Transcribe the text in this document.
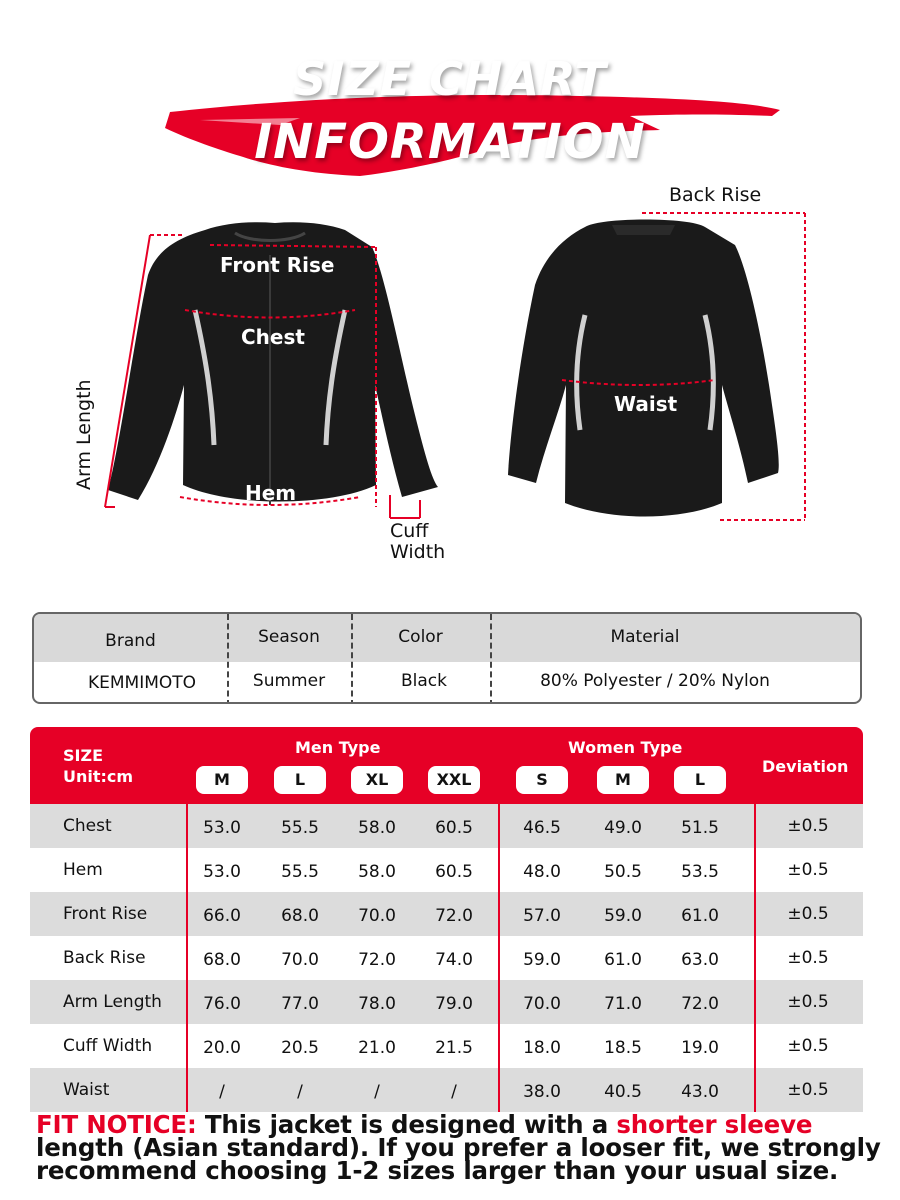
SIZE CHART
INFORMATION
Front Rise
Chest
Hem
Arm Length
Cuff
Width
Back Rise
Waist
Brand	Season	Color	Material
KEMMIMOTO	Summer	Black	80% Polyester / 20% Nylon
SIZE
Unit:cm
Men Type	Women Type
Deviation
M	L	XL	XXL	S	M	L
Chest	53.0	55.5	58.0	60.5	46.5	49.0	51.5	±0.5
Hem	53.0	55.5	58.0	60.5	48.0	50.5	53.5	±0.5
Front Rise	66.0	68.0	70.0	72.0	57.0	59.0	61.0	±0.5
Back Rise	68.0	70.0	72.0	74.0	59.0	61.0	63.0	±0.5
Arm Length	76.0	77.0	78.0	79.0	70.0	71.0	72.0	±0.5
Cuff Width	20.0	20.5	21.0	21.5	18.0	18.5	19.0	±0.5
Waist	/	/	/	/	38.0	40.5	43.0	±0.5
FIT NOTICE: This jacket is designed with a shorter sleeve
length (Asian standard). If you prefer a looser fit, we strongly recommend choosing 1-2 sizes larger than your usual size.
